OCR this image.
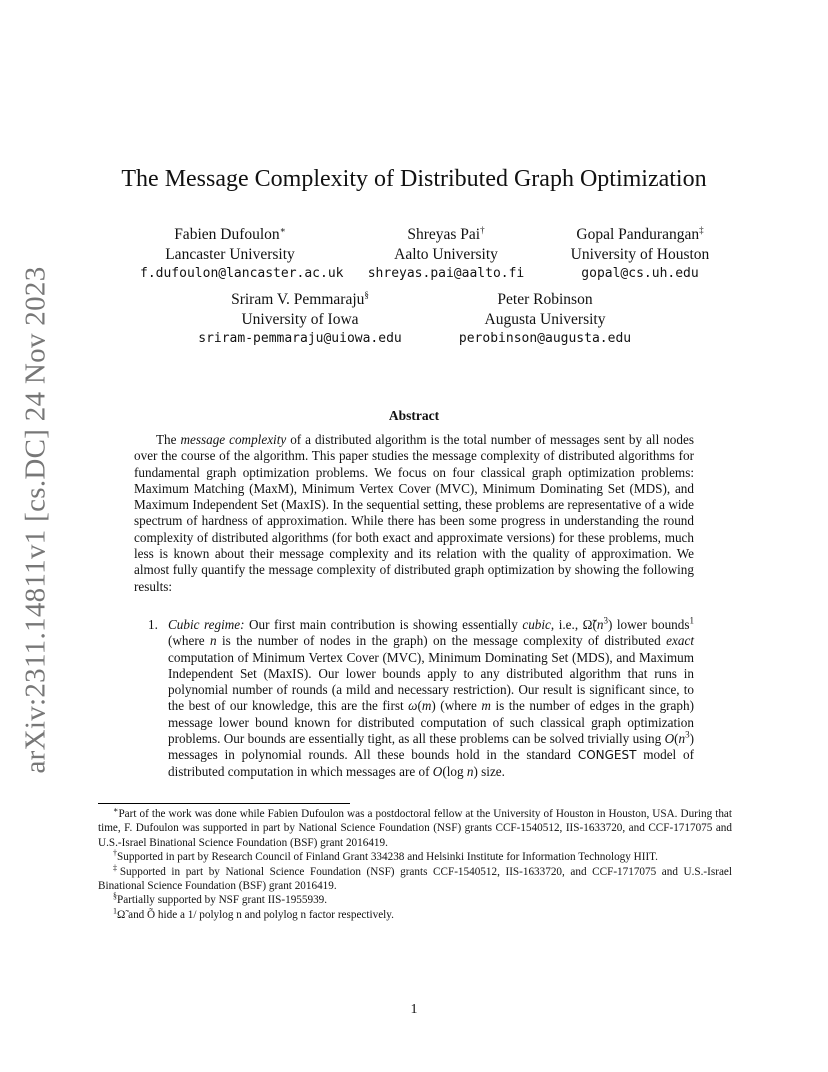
arXiv:2311.14811v1 [cs.DC] 24 Nov 2023
The Message Complexity of Distributed Graph Optimization
Fabien Dufoulon∗
Lancaster University
f.dufoulon@lancaster.ac.uk
Shreyas Pai†
Aalto University
shreyas.pai@aalto.fi
Gopal Pandurangan‡
University of Houston
gopal@cs.uh.edu
Sriram V. Pemmaraju§
University of Iowa
sriram-pemmaraju@uiowa.edu
Peter Robinson
Augusta University
perobinson@augusta.edu
Abstract

The message complexity of a distributed algorithm is the total number of messages sent by all nodes over the course of the algorithm. This paper studies the message complexity of distributed algorithms for fundamental graph optimization problems. We focus on four classical graph optimization problems: Maximum Matching (MaxM), Minimum Vertex Cover (MVC), Minimum Dominating Set (MDS), and Maximum Independent Set (MaxIS). In the sequential setting, these problems are representative of a wide spectrum of hardness of approximation. While there has been some progress in understanding the round complexity of distributed algorithms (for both exact and approximate versions) for these problems, much less is known about their message complexity and its relation with the quality of approximation. We almost fully quantify the message complexity of distributed graph optimization by showing the following results:

1. Cubic regime: Our first main contribution is showing essentially cubic, i.e., $\Omegã(n^3)$ lower bounds$^1$ (where n is the number of nodes in the graph) on the message complexity of distributed exact computation of Minimum Vertex Cover (MVC), Minimum Dominating Set (MDS), and Maximum Independent Set (MaxIS). Our lower bounds apply to any distributed algorithm that runs in polynomial number of rounds (a mild and necessary restriction). Our result is significant since, to the best of our knowledge, this are the first ω(m) (where m is the number of edges in the graph) message lower bound known for distributed computation of such classical graph optimization problems. Our bounds are essentially tight, as all these problems can be solved trivially using $O(n^3)$ messages in polynomial rounds. All these bounds hold in the standard CONGEST model of distributed computation in which messages are of O(log n) size.

∗Part of the work was done while Fabien Dufoulon was a postdoctoral fellow at the University of Houston in Houston, USA. During that time, F. Dufoulon was supported in part by National Science Foundation (NSF) grants CCF-1540512, IIS-1633720, and CCF-1717075 and U.S.-Israel Binational Science Foundation (BSF) grant 2016419.

†Supported in part by Research Council of Finland Grant 334238 and Helsinki Institute for Information Technology HIIT.

‡Supported in part by National Science Foundation (NSF) grants CCF-1540512, IIS-1633720, and CCF-1717075 and U.S.-Israel Binational Science Foundation (BSF) grant 2016419.

§Partially supported by NSF grant IIS-1955939.

$^1$Ω̃ and Õ hide a 1/ polylog n and polylog n factor respectively.

1
